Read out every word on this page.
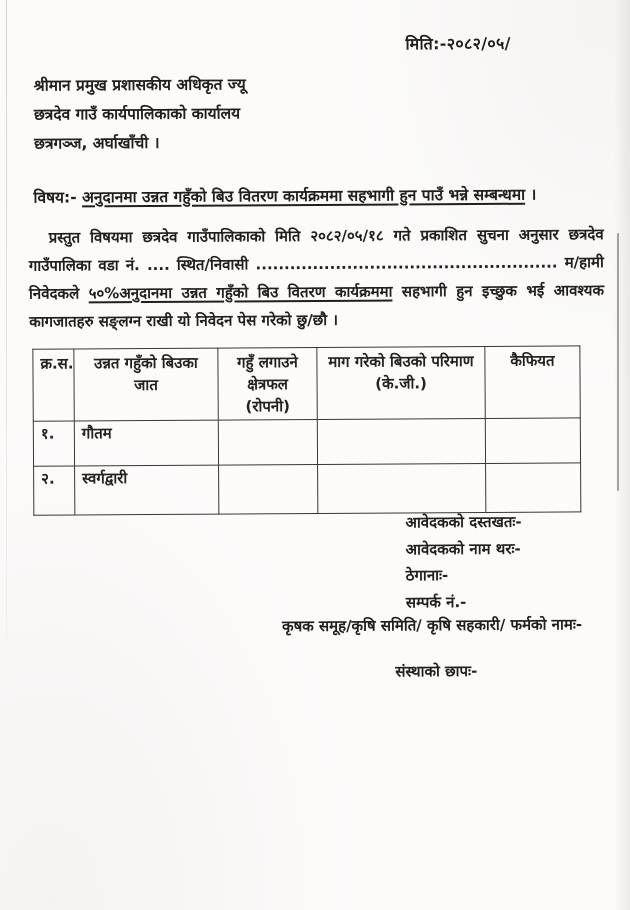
मिति:-२०८२/०५/
श्रीमान प्रमुख प्रशासकीय अधिकृत ज्यू
छत्रदेव गाउँ कार्यपालिकाको कार्यालय
छत्रगञ्ज, अर्घाखाँची ।
विषय:- अनुदानमा उन्नत गहुँको बिउ वितरण कार्यक्रममा सहभागी हुन पाउँ भन्ने सम्बन्धमा ।

प्रस्तुत विषयमा छत्रदेव गाउँपालिकाको मिति २०८२/०५/१८ गते प्रकाशित सुचना अनुसार छत्रदेव गाउँपालिका वडा नं. .... स्थित/निवासी ..................................................... म/हामी निवेदकले ५०%अनुदानमा उन्नत गहुँको बिउ वितरण कार्यक्रममा सहभागी हुन इच्छुक भई आवश्यक कागजातहरु सङ्लग्न राखी यो निवेदन पेस गरेको छु/छौ ।

क्र.स.	उन्नत गहुँको बिउका जात	गहुँ लगाउने क्षेत्रफल (रोपनी)	माग गरेको बिउको परिमाण (के.जी.)	कैफियत
१.	गौतम			
२.	स्वर्गद्वारी			
आवेदकको दस्तखतः-
आवेदकको नाम थरः-
ठेगानाः-
सम्पर्क नं.-
कृषक समूह/कृषि समिति/ कृषि सहकारी/ फर्मको नामः-
संस्थाको छापः-
